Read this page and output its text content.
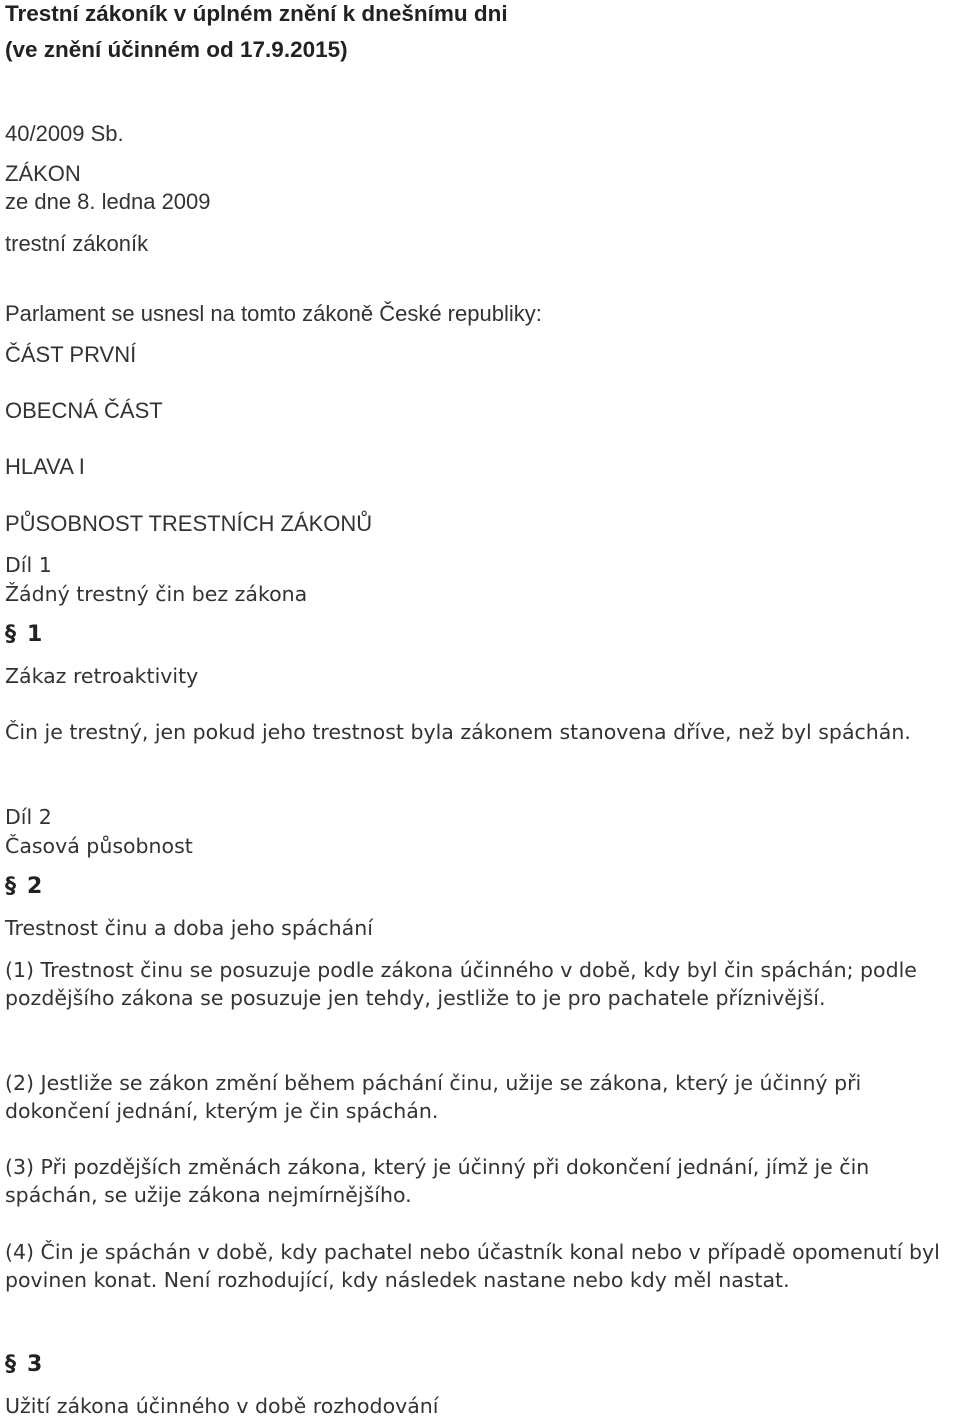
Trestní zákoník v úplném znění k dnešnímu dni
(ve znění účinném od 17.9.2015)
40/2009 Sb.
ZÁKON
ze dne 8. ledna 2009
trestní zákoník
Parlament se usnesl na tomto zákoně České republiky:
ČÁST PRVNÍ
OBECNÁ ČÁST
HLAVA I
PŮSOBNOST TRESTNÍCH ZÁKONŮ
Díl 1
Žádný trestný čin bez zákona
§ 1
Zákaz retroaktivity

Čin je trestný, jen pokud jeho trestnost byla zákonem stanovena dříve, než byl spáchán.

Díl 2
Časová působnost
§ 2
Trestnost činu a doba jeho spáchání

(1) Trestnost činu se posuzuje podle zákona účinného v době, kdy byl čin spáchán; podle pozdějšího zákona se posuzuje jen tehdy, jestliže to je pro pachatele příznivější.

(2) Jestliže se zákon změní během páchání činu, užije se zákona, který je účinný při dokončení jednání, kterým je čin spáchán.

(3) Při pozdějších změnách zákona, který je účinný při dokončení jednání, jímž je čin spáchán, se užije zákona nejmírnějšího.

(4) Čin je spáchán v době, kdy pachatel nebo účastník konal nebo v případě opomenutí byl povinen konat. Není rozhodující, kdy následek nastane nebo kdy měl nastat.

§ 3
Užití zákona účinného v době rozhodování
